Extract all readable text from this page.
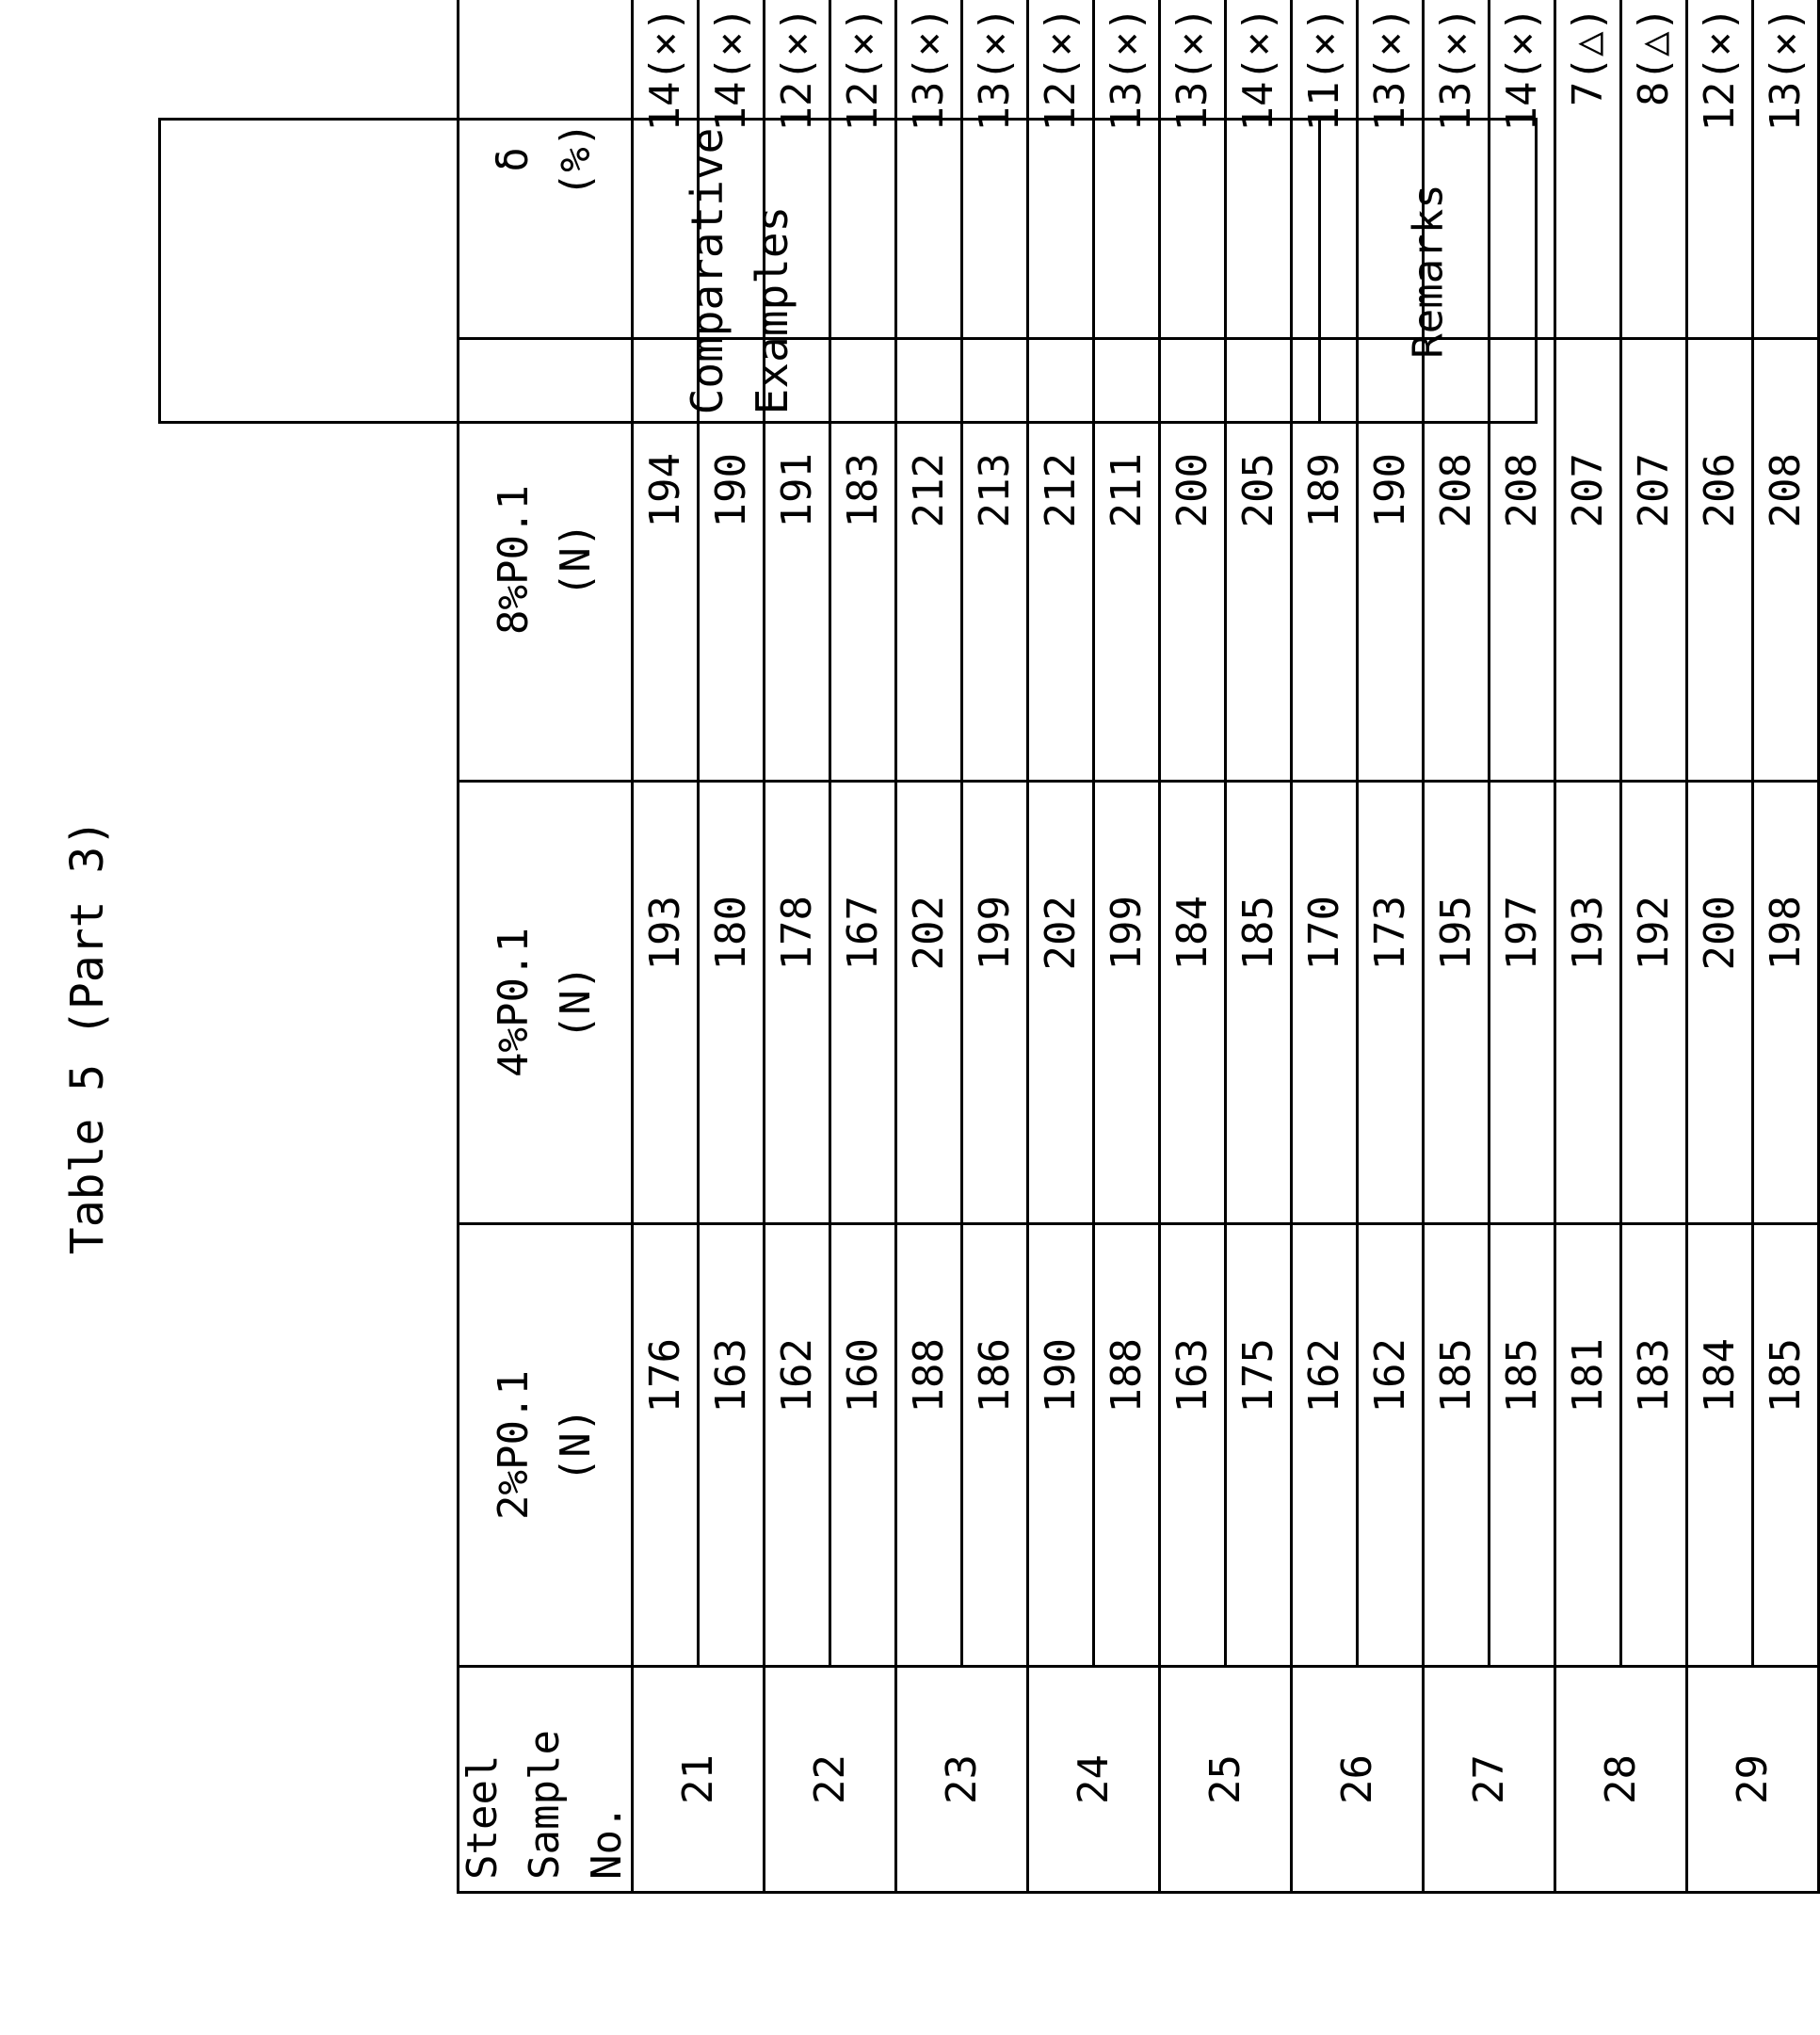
Table 5 (Part 3)
Steel Sample No.
2%P0.1 (N)
4%P0.1 (N)
8%P0.1 (N)
δ (%)
21
176
193
194
14(×)
163
180
190
14(×)
22
162
178
191
12(×)
160
167
183
12(×)
23
188
202
212
13(×)
186
199
213
13(×)
24
190
202
212
12(×)
188
199
211
13(×)
25
163
184
200
13(×)
175
185
205
14(×)
26
162
170
189
11(×)
162
173
190
13(×)
27
185
195
208
13(×)
185
197
208
14(×)
28
181
193
207
7(△)
183
192
207
8(△)
29
184
200
206
12(×)
185
198
208
13(×)
Remarks
Comparative Examples
